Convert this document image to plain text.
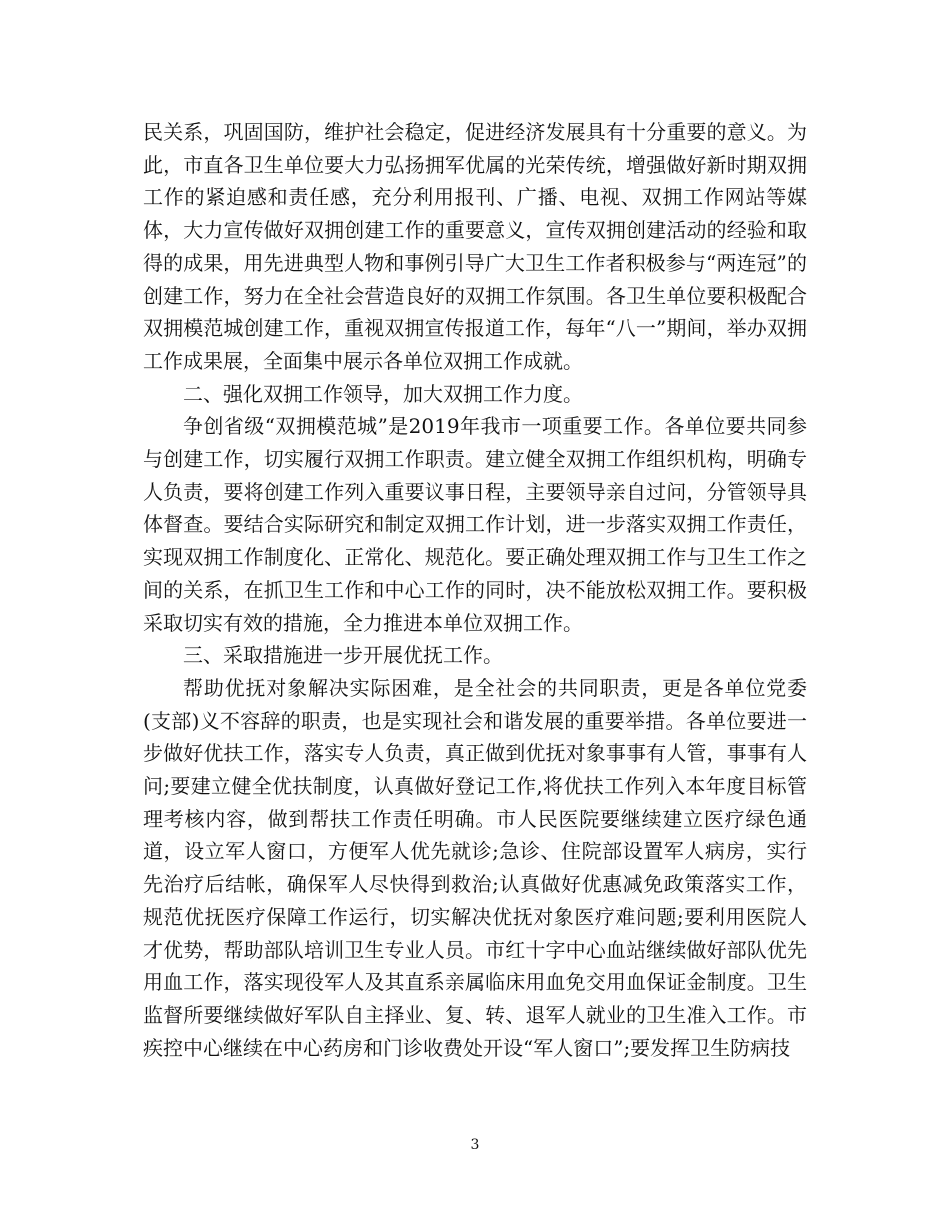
民关系，巩固国防，维护社会稳定，促进经济发展具有十分重要的意义。为此，市直各卫生单位要大力弘扬拥军优属的光荣传统，增强做好新时期双拥工作的紧迫感和责任感，充分利用报刊、广播、电视、双拥工作网站等媒体，大力宣传做好双拥创建工作的重要意义，宣传双拥创建活动的经验和取得的成果，用先进典型人物和事例引导广大卫生工作者积极参与“两连冠”的创建工作，努力在全社会营造良好的双拥工作氛围。各卫生单位要积极配合双拥模范城创建工作，重视双拥宣传报道工作，每年“八一”期间，举办双拥工作成果展，全面集中展示各单位双拥工作成就。

二、强化双拥工作领导，加大双拥工作力度。

争创省级“双拥模范城”是2019年我市一项重要工作。各单位要共同参与创建工作，切实履行双拥工作职责。建立健全双拥工作组织机构，明确专人负责，要将创建工作列入重要议事日程，主要领导亲自过问，分管领导具体督查。要结合实际研究和制定双拥工作计划，进一步落实双拥工作责任，实现双拥工作制度化、正常化、规范化。要正确处理双拥工作与卫生工作之间的关系，在抓卫生工作和中心工作的同时，决不能放松双拥工作。要积极采取切实有效的措施，全力推进本单位双拥工作。

三、采取措施进一步开展优抚工作。

帮助优抚对象解决实际困难，是全社会的共同职责，更是各单位党委(支部)义不容辞的职责，也是实现社会和谐发展的重要举措。各单位要进一步做好优扶工作，落实专人负责，真正做到优抚对象事事有人管，事事有人问;要建立健全优扶制度，认真做好登记工作,将优扶工作列入本年度目标管理考核内容，做到帮扶工作责任明确。市人民医院要继续建立医疗绿色通道，设立军人窗口，方便军人优先就诊;急诊、住院部设置军人病房，实行先治疗后结帐，确保军人尽快得到救治;认真做好优惠减免政策落实工作，规范优抚医疗保障工作运行，切实解决优抚对象医疗难问题;要利用医院人才优势，帮助部队培训卫生专业人员。市红十字中心血站继续做好部队优先用血工作，落实现役军人及其直系亲属临床用血免交用血保证金制度。卫生监督所要继续做好军队自主择业、复、转、退军人就业的卫生准入工作。市疾控中心继续在中心药房和门诊收费处开设“军人窗口”;要发挥卫生防病技

3
